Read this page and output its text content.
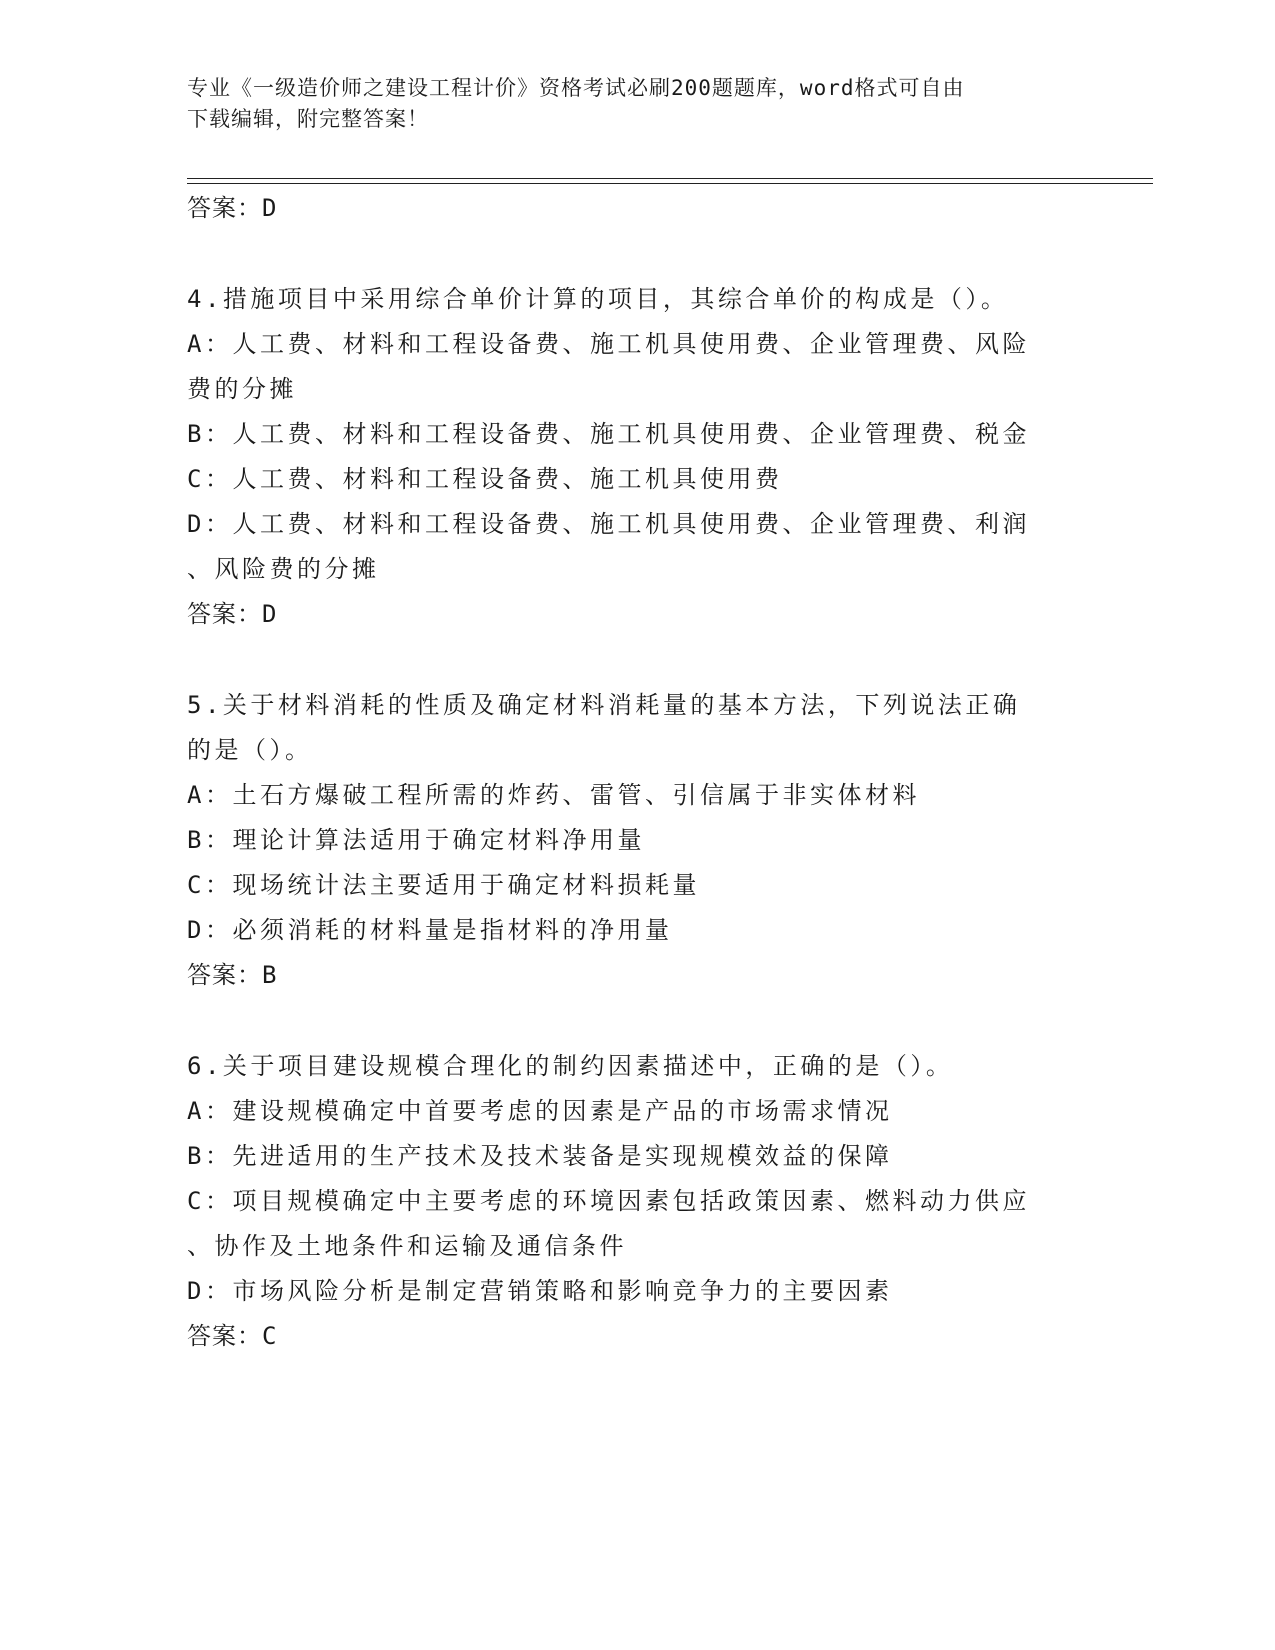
专业《一级造价师之建设工程计价》资格考试必刷200题题库，word格式可自由
下载编辑，附完整答案！
答案：D
4.措施项目中采用综合单价计算的项目，其综合单价的构成是（）。
A：人工费、材料和工程设备费、施工机具使用费、企业管理费、风险
费的分摊
B：人工费、材料和工程设备费、施工机具使用费、企业管理费、税金
C：人工费、材料和工程设备费、施工机具使用费
D：人工费、材料和工程设备费、施工机具使用费、企业管理费、利润
、风险费的分摊
答案：D
5.关于材料消耗的性质及确定材料消耗量的基本方法，下列说法正确
的是（）。
A：土石方爆破工程所需的炸药、雷管、引信属于非实体材料
B：理论计算法适用于确定材料净用量
C：现场统计法主要适用于确定材料损耗量
D：必须消耗的材料量是指材料的净用量
答案：B
6.关于项目建设规模合理化的制约因素描述中，正确的是（）。
A：建设规模确定中首要考虑的因素是产品的市场需求情况
B：先进适用的生产技术及技术装备是实现规模效益的保障
C：项目规模确定中主要考虑的环境因素包括政策因素、燃料动力供应
、协作及土地条件和运输及通信条件
D：市场风险分析是制定营销策略和影响竞争力的主要因素
答案：C
